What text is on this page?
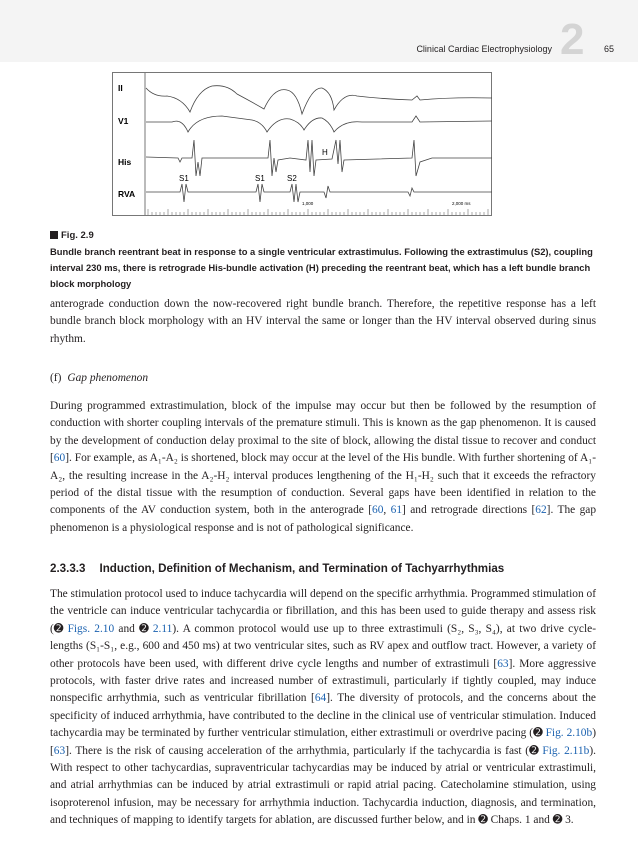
Clinical Cardiac Electrophysiology 2 65
II
V1
His
RVA
S1	S1	S2
H
1,000	2,000 ms
Fig. 2.9
Bundle branch reentrant beat in response to a single ventricular extrastimulus. Following the extrastimulus (S2), coupling interval 230 ms, there is retrograde His-bundle activation (H) preceding the reentrant beat, which has a left bundle branch block morphology
anterograde conduction down the now-recovered right bundle branch. Therefore, the repetitive response has a left bundle branch block morphology with an HV interval the same or longer than the HV interval observed during sinus rhythm.
(f) Gap phenomenon
During programmed extrastimulation, block of the impulse may occur but then be followed by the resumption of conduction with shorter coupling intervals of the premature stimuli. This is known as the gap phenomenon. It is caused by the development of conduction delay proximal to the site of block, allowing the distal tissue to recover and conduct [60]. For example, as A₁-A₂ is shortened, block may occur at the level of the His bundle. With further shortening of A₁-A₂, the resulting increase in the A₂-H₂ interval produces lengthening of the H₁-H₂ such that it exceeds the refractory period of the distal tissue with the resumption of conduction. Several gaps have been identified in relation to the components of the AV conduction system, both in the anterograde [60, 61] and retrograde directions [62]. The gap phenomenon is a physiological response and is not of pathological significance.
2.3.3.3 Induction, Definition of Mechanism, and Termination of Tachyarrhythmias
The stimulation protocol used to induce tachycardia will depend on the specific arrhythmia. Programmed stimulation of the ventricle can induce ventricular tachycardia or fibrillation, and this has been used to guide therapy and assess risk (➋ Figs. 2.10 and ➋ 2.11). A common protocol would use up to three extrastimuli (S₂, S₃, S₄), at two drive cycle-lengths (S₁-S₁, e.g., 600 and 450 ms) at two ventricular sites, such as RV apex and outflow tract. However, a variety of other protocols have been used, with different drive cycle lengths and number of extrastimuli [63]. More aggressive protocols, with faster drive rates and increased number of extrastimuli, particularly if tightly coupled, may induce nonspecific arrhythmia, such as ventricular fibrillation [64]. The diversity of protocols, and the concerns about the specificity of induced arrhythmia, have contributed to the decline in the clinical use of ventricular stimulation. Induced tachycardia may be terminated by further ventricular stimulation, either extrastimuli or overdrive pacing (➋ Fig. 2.10b) [63]. There is the risk of causing acceleration of the arrhythmia, particularly if the tachycardia is fast (➋ Fig. 2.11b). With respect to other tachycardias, supraventricular tachycardias may be induced by atrial or ventricular extrastimuli, and atrial arrhythmias can be induced by atrial extrastimuli or rapid atrial pacing. Catecholamine stimulation, using isoproterenol infusion, may be necessary for arrhythmia induction. Tachycardia induction, diagnosis, and termination, and techniques of mapping to identify targets for ablation, are discussed further below, and in ➋ Chaps. 1 and ➋ 3.
